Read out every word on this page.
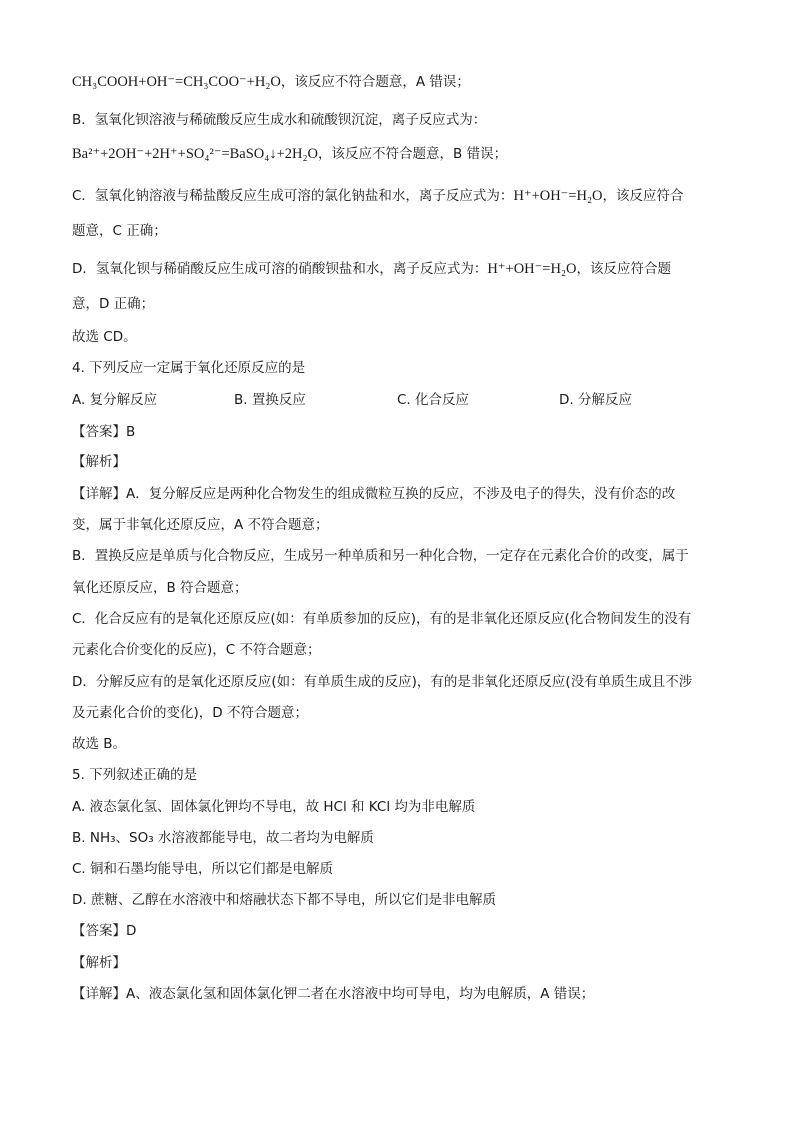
CH₃COOH+OH⁻=CH₃COO⁻+H₂O，该反应不符合题意，A 错误；
B．氢氧化钡溶液与稀硫酸反应生成水和硫酸钡沉淀，离子反应式为：
Ba²⁺+2OH⁻+2H⁺+SO₄²⁻=BaSO₄↓+2H₂O，该反应不符合题意，B 错误；
C．氢氧化钠溶液与稀盐酸反应生成可溶的氯化钠盐和水，离子反应式为：H⁺+OH⁻=H₂O，该反应符合
题意，C 正确；
D．氢氧化钡与稀硝酸反应生成可溶的硝酸钡盐和水，离子反应式为：H⁺+OH⁻=H₂O，该反应符合题
意，D 正确；
故选 CD。
4. 下列反应一定属于氧化还原反应的是
A. 复分解反应	B. 置换反应	C. 化合反应	D. 分解反应
【答案】B
【解析】
【详解】A．复分解反应是两种化合物发生的组成微粒互换的反应，不涉及电子的得失，没有价态的改
变，属于非氧化还原反应，A 不符合题意；
B．置换反应是单质与化合物反应，生成另一种单质和另一种化合物，一定存在元素化合价的改变，属于
氧化还原反应，B 符合题意；
C．化合反应有的是氧化还原反应(如：有单质参加的反应)，有的是非氧化还原反应(化合物间发生的没有
元素化合价变化的反应)，C 不符合题意；
D．分解反应有的是氧化还原反应(如：有单质生成的反应)，有的是非氧化还原反应(没有单质生成且不涉
及元素化合价的变化)，D 不符合题意；
故选 B。
5. 下列叙述正确的是
A. 液态氯化氢、固体氯化钾均不导电，故 HCl 和 KCl 均为非电解质
B. NH₃、SO₃ 水溶液都能导电，故二者均为电解质
C. 铜和石墨均能导电，所以它们都是电解质
D. 蔗糖、乙醇在水溶液中和熔融状态下都不导电，所以它们是非电解质
【答案】D
【解析】
【详解】A、液态氯化氢和固体氯化钾二者在水溶液中均可导电，均为电解质，A 错误；
